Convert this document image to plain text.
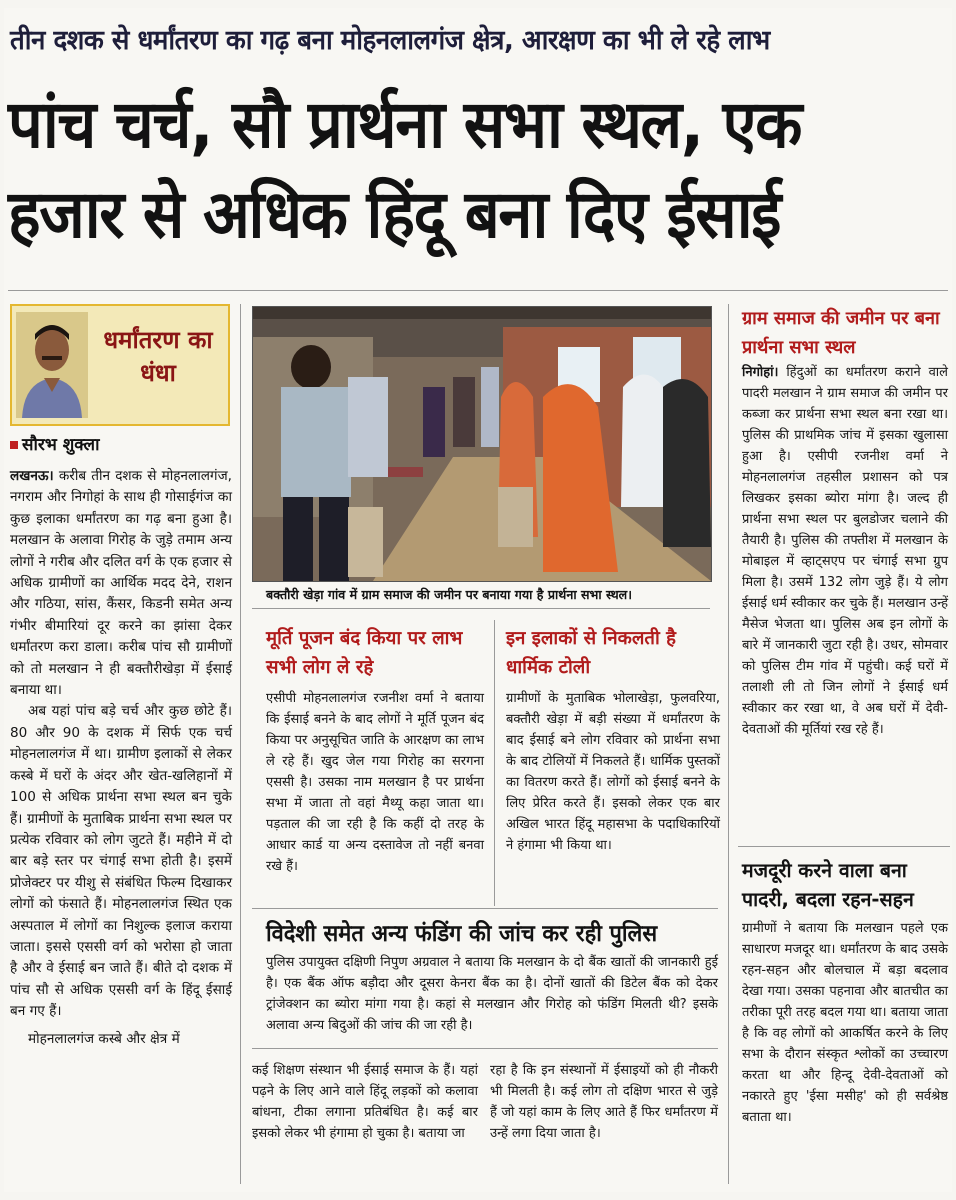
तीन दशक से धर्मांतरण का गढ़ बना मोहनलालगंज क्षेत्र, आरक्षण का भी ले रहे लाभ
पांच चर्च, सौ प्रार्थना सभा स्थल, एक
हजार से अधिक हिंदू बना दिए ईसाई
धर्मांतरण का धंधा
सौरभ शुक्ला

लखनऊ। करीब तीन दशक से मोहनलालगंज, नगराम और निगोहां के साथ ही गोसाईगंज का कुछ इलाका धर्मांतरण का गढ़ बना हुआ है। मलखान के अलावा गिरोह के जुड़े तमाम अन्य लोगों ने गरीब और दलित वर्ग के एक हजार से अधिक ग्रामीणों का आर्थिक मदद देने, राशन और गठिया, सांस, कैंसर, किडनी समेत अन्य गंभीर बीमारियां दूर करने का झांसा देकर धर्मांतरण करा डाला। करीब पांच सौ ग्रामीणों को तो मलखान ने ही बक्तौरीखेड़ा में ईसाई बनाया था।

अब यहां पांच बड़े चर्च और कुछ छोटे हैं। 80 और 90 के दशक में सिर्फ एक चर्च मोहनलालगंज में था। ग्रामीण इलाकों से लेकर कस्बे में घरों के अंदर और खेत-खलिहानों में 100 से अधिक प्रार्थना सभा स्थल बन चुके हैं। ग्रामीणों के मुताबिक प्रार्थना सभा स्थल पर प्रत्येक रविवार को लोग जुटते हैं। महीने में दो बार बड़े स्तर पर चंगाई सभा होती है। इसमें प्रोजेक्टर पर यीशु से संबंधित फिल्म दिखाकर लोगों को फंसाते हैं। मोहनलालगंज स्थित एक अस्पताल में लोगों का निशुल्क इलाज कराया जाता। इससे एससी वर्ग को भरोसा हो जाता है और वे ईसाई बन जाते हैं। बीते दो दशक में पांच सौ से अधिक एससी वर्ग के हिंदू ईसाई बन गए हैं।

मोहनलालगंज कस्बे और क्षेत्र में

बक्तौरी खेड़ा गांव में ग्राम समाज की जमीन पर बनाया गया है प्रार्थना सभा स्थल।
मूर्ति पूजन बंद किया पर लाभ सभी लोग ले रहे
एसीपी मोहनलालगंज रजनीश वर्मा ने बताया कि ईसाई बनने के बाद लोगों ने मूर्ति पूजन बंद किया पर अनुसूचित जाति के आरक्षण का लाभ ले रहे हैं। खुद जेल गया गिरोह का सरगना एससी है। उसका नाम मलखान है पर प्रार्थना सभा में जाता तो वहां मैथ्यू कहा जाता था। पड़ताल की जा रही है कि कहीं दो तरह के आधार कार्ड या अन्य दस्तावेज तो नहीं बनवा रखे हैं।
इन इलाकों से निकलती है धार्मिक टोली
ग्रामीणों के मुताबिक भोलाखेड़ा, फुलवरिया, बक्तौरी खेड़ा में बड़ी संख्या में धर्मांतरण के बाद ईसाई बने लोग रविवार को प्रार्थना सभा के बाद टोलियों में निकलते हैं। धार्मिक पुस्तकों का वितरण करते हैं। लोगों को ईसाई बनने के लिए प्रेरित करते हैं। इसको लेकर एक बार अखिल भारत हिंदू महासभा के पदाधिकारियों ने हंगामा भी किया था।
विदेशी समेत अन्य फंडिंग की जांच कर रही पुलिस
पुलिस उपायुक्त दक्षिणी निपुण अग्रवाल ने बताया कि मलखान के दो बैंक खातों की जानकारी हुई है। एक बैंक ऑफ बड़ौदा और दूसरा केनरा बैंक का है। दोनों खातों की डिटेल बैंक को देकर ट्रांजेक्शन का ब्योरा मांगा गया है। कहां से मलखान और गिरोह को फंडिंग मिलती थी? इसके अलावा अन्य बिदुओं की जांच की जा रही है।
कई शिक्षण संस्थान भी ईसाई समाज के हैं। यहां पढ़ने के लिए आने वाले हिंदू लड़कों को कलावा बांधना, टीका लगाना प्रतिबंधित है। कई बार इसको लेकर भी हंगामा हो चुका है। बताया जा
रहा है कि इन संस्थानों में ईसाइयों को ही नौकरी भी मिलती है। कई लोग तो दक्षिण भारत से जुड़े हैं जो यहां काम के लिए आते हैं फिर धर्मांतरण में उन्हें लगा दिया जाता है।
ग्राम समाज की जमीन पर बना प्रार्थना सभा स्थल
निगोहां। हिंदुओं का धर्मांतरण कराने वाले पादरी मलखान ने ग्राम समाज की जमीन पर कब्जा कर प्रार्थना सभा स्थल बना रखा था। पुलिस की प्राथमिक जांच में इसका खुलासा हुआ है। एसीपी रजनीश वर्मा ने मोहनलालगंज तहसील प्रशासन को पत्र लिखकर इसका ब्योरा मांगा है। जल्द ही प्रार्थना सभा स्थल पर बुलडोजर चलाने की तैयारी है। पुलिस की तफ्तीश में मलखान के मोबाइल में व्हाट्सएप पर चंगाई सभा ग्रुप मिला है। उसमें 132 लोग जुड़े हैं। ये लोग ईसाई धर्म स्वीकार कर चुके हैं। मलखान उन्हें मैसेज भेजता था। पुलिस अब इन लोगों के बारे में जानकारी जुटा रही है। उधर, सोमवार को पुलिस टीम गांव में पहुंची। कई घरों में तलाशी ली तो जिन लोगों ने ईसाई धर्म स्वीकार कर रखा था, वे अब घरों में देवी-देवताओं की मूर्तियां रख रहे हैं।
मजदूरी करने वाला बना पादरी, बदला रहन-सहन
ग्रामीणों ने बताया कि मलखान पहले एक साधारण मजदूर था। धर्मांतरण के बाद उसके रहन-सहन और बोलचाल में बड़ा बदलाव देखा गया। उसका पहनावा और बातचीत का तरीका पूरी तरह बदल गया था। बताया जाता है कि वह लोगों को आकर्षित करने के लिए सभा के दौरान संस्कृत श्लोकों का उच्चारण करता था और हिन्दू देवी-देवताओं को नकारते हुए 'ईसा मसीह' को ही सर्वश्रेष्ठ बताता था।
